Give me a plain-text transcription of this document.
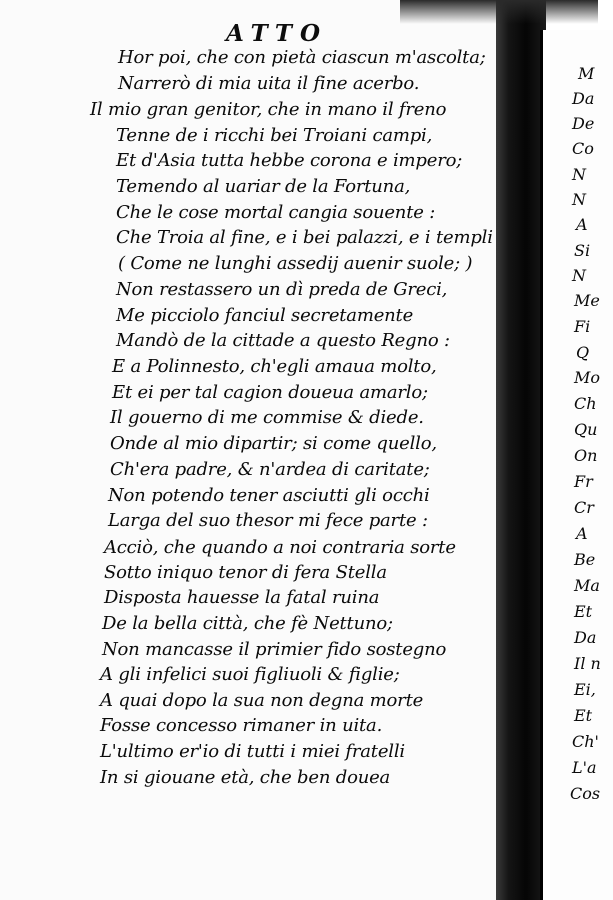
ATTO
Hor poi, che con pietà ciascun m'ascolta;
Narrerò di mia uita il fine acerbo.
Il mio gran genitor, che in mano il freno
Tenne de i ricchi bei Troiani campi,
Et d'Asia tutta hebbe corona e impero;
Temendo al uariar de la Fortuna,
Che le cose mortal cangia souente :
Che Troia al fine, e i bei palazzi, e i templi
( Come ne lunghi assedij auenir suole; )
Non restassero un dì preda de Greci,
Me picciolo fanciul secretamente
Mandò de la cittade a questo Regno :
E a Polinnesto, ch'egli amaua molto,
Et ei per tal cagion doueua amarlo;
Il gouerno di me commise & diede.
Onde al mio dipartir; si come quello,
Ch'era padre, & n'ardea di caritate;
Non potendo tener asciutti gli occhi
Larga del suo thesor mi fece parte :
Acciò, che quando a noi contraria sorte
Sotto iniquo tenor di fera Stella
Disposta hauesse la fatal ruina
De la bella città, che fè Nettuno;
Non mancasse il primier fido sostegno
A gli infelici suoi figliuoli & figlie;
A quai dopo la sua non degna morte
Fosse concesso rimaner in uita.
L'ultimo er'io di tutti i miei fratelli
In si giouane età, che ben douea
M
Da
De
Co
N
N
A
Si
N
Me
Fi
Q
Mo
Ch
Qu
On
Fr
Cr
A
Be
Ma
Et
Da
Il n
Ei,
Et
Ch'
L'a
Cos
